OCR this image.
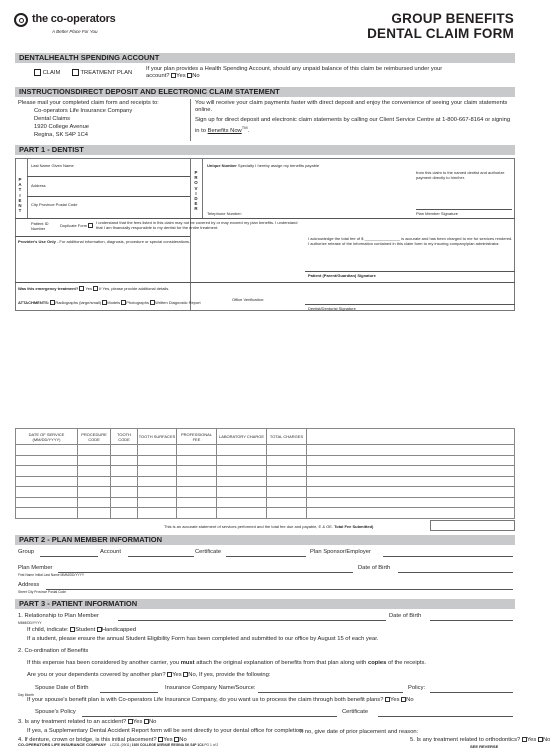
the co-operators
A Better Place For You
GROUP BENEFITS
DENTAL CLAIM FORM
DENTALHEALTH SPENDING ACCOUNT
CLAIM	TREATMENT PLAN
If your plan provides a Health Spending Account, should any unpaid balance of this claim be reimbursed under your account? Yes No
INSTRUCTIONSDIRECT DEPOSIT AND ELECTRONIC CLAIM STATEMENT
Please mail your completed claim form and receipts to:
Co-operators Life Insurance Company
Dental Claims
1920 College Avenue
Regina, SK S4P 1C4
You will receive your claim payments faster with direct deposit and enjoy the convenience of seeing your claim statements online.
Sign up for direct deposit and electronic claim statements by calling our Client Service Centre at 1-800-667-8164 or signing in to Benefits Now™.
PART 1 - DENTIST
P
A
T
I
E
N
T
P
R
O
V
I
D
E
R
Last Name Given Name
Address
City Province Postal Code
Patient ID Number
Duplicate Form
Unique Number Specialty I hereby assign my benefits payable
from this claim to the named dentist and authorize payment directly to him/her.
Telephone Number:	Plan Member Signature
I understand that the fees listed in this claim may not be covered by or may exceed my plan benefits. I understand that I am financially responsible to my dentist for the entire treatment.
I acknowledge the total fee of $ ________________ is accurate and has been charged to me for services rendered. I authorize release of the information contained in this claim form to my insuring company/plan administrator.
Provider's Use Only - For additional information, diagnosis, procedure or special considerations.
Patient (Parent/Guardian) Signature
Was this emergency treatment? Yes If Yes, please provide additional details.
ATTACHMENTS: Radiographs (large/small) Models Photographs Written Diagnostic Report
Office Verification:
Dentist/Denturist Signature
DATE OF SERVICE (MM/DD/YYYY)	PROCEDURE CODE	TOOTH CODE	TOOTH SURFACES	PROFESSIONAL FEE	LABORATORY CHARGE	TOTAL CHARGES	

This is an accurate statement of services performed and the total fee due and payable, E & OE. Total Fee Submitted)
PART 2 - PLAN MEMBER INFORMATION
Group	Account	Certificate	Plan Sponsor/Employer
Plan Member
First Name Initial Last Name MMM/DD/YYYY
Date of Birth
Address
Street City Province Postal Code
PART 3 - PATIENT INFORMATION
1. Relationship to Plan Member	Date of Birth
MMM/DD/YYYY
If child, indicate: Student Handicapped
If a student, please ensure the annual Student Eligibility Form has been completed and submitted to our office by August 15 of each year.
2. Co-ordination of Benefits
If this expense has been considered by another carrier, you must attach the original explanation of benefits from that plan along with copies of the receipts.
Are you or your dependents covered by another plan? Yes No, If yes, provide the following:
Spouse Date of Birth
Day Month
Insurance Company Name/Source:	Policy:
If your spouse's benefit plan is with Co-operators Life Insurance Company, do you want us to process the claim through both benefit plans? Yes No
Spouse's Policy	Certificate
3. Is any treatment related to an accident? Yes No
If yes, a Supplementary Dental Accident Report form will be sent directly to your dental office for completion.
4. If denture, crown or bridge, is this initial placement? Yes No
If no, give date of prior placement and reason:
5. Is any treatment related to orthodontics? Yes No
SEE REVERSE
CO-OPERATORS LIFE INSURANCE COMPANY LC231 (09/11) 1920 COLLEGE AVENUE REGINA SK S4P 1C4 PG 1 of 2
